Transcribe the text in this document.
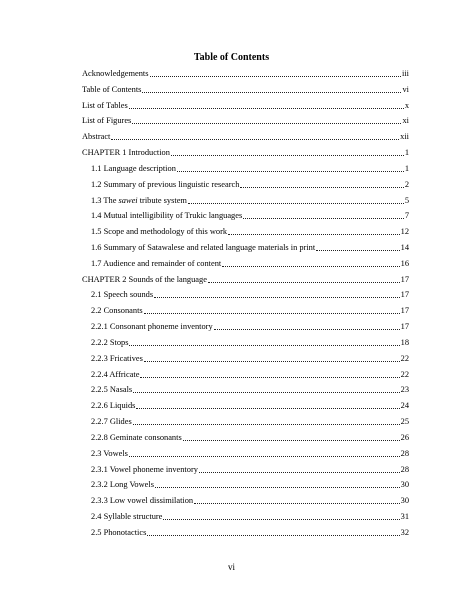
Table of Contents
Acknowledgements	iii
Table of Contents	vi
List of Tables	x
List of Figures	xi
Abstract	xii
CHAPTER 1 Introduction	1
1.1 Language description	1
1.2 Summary of previous linguistic research	2
1.3 The sawei tribute system	5
1.4 Mutual intelligibility of Trukic languages	7
1.5 Scope and methodology of this work	12
1.6 Summary of Satawalese and related language materials in print	14
1.7 Audience and remainder of content	16
CHAPTER 2 Sounds of the language	17
2.1 Speech sounds	17
2.2 Consonants	17
2.2.1 Consonant phoneme inventory	17
2.2.2 Stops	18
2.2.3 Fricatives	22
2.2.4 Affricate	22
2.2.5 Nasals	23
2.2.6 Liquids	24
2.2.7 Glides	25
2.2.8 Geminate consonants	26
2.3 Vowels	28
2.3.1 Vowel phoneme inventory	28
2.3.2 Long Vowels	30
2.3.3 Low vowel dissimilation	30
2.4 Syllable structure	31
2.5 Phonotactics	32
vi
